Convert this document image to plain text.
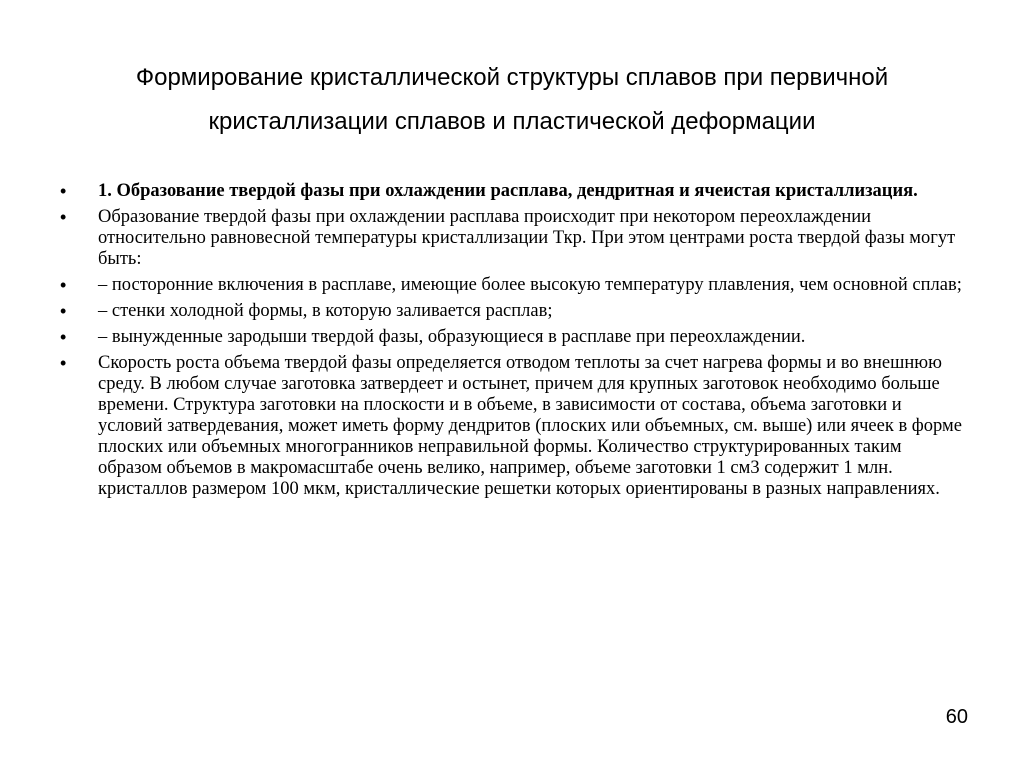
Формирование кристаллической структуры сплавов при первичной
кристаллизации сплавов и пластической деформации
• 1. Образование твердой фазы при охлаждении расплава, дендритная и ячеистая кристаллизация.
• Образование твердой фазы при охлаждении расплава происходит при некотором переохлаждении относительно равновесной температуры кристаллизации Ткр. При этом центрами роста твердой фазы могут быть:
• – посторонние включения в расплаве, имеющие более высокую температуру плавления, чем основной сплав;
• – стенки холодной формы, в которую заливается расплав;
• – вынужденные зародыши твердой фазы, образующиеся в расплаве при переохлаждении.
• Скорость роста объема твердой фазы определяется отводом теплоты за счет нагрева формы и во внешнюю среду. В любом случае заготовка затвердеет и остынет, причем для крупных заготовок необходимо больше времени. Структура заготовки на плоскости и в объеме, в зависимости от состава, объема заготовки и условий затвердевания, может иметь форму дендритов (плоских или объемных, см. выше) или ячеек в форме плоских или объемных многогранников неправильной формы. Количество структурированных таким образом объемов в макромасштабе очень велико, например, объеме заготовки 1 см3 содержит 1 млн. кристаллов размером 100 мкм, кристаллические решетки которых ориентированы в разных направлениях.
60
